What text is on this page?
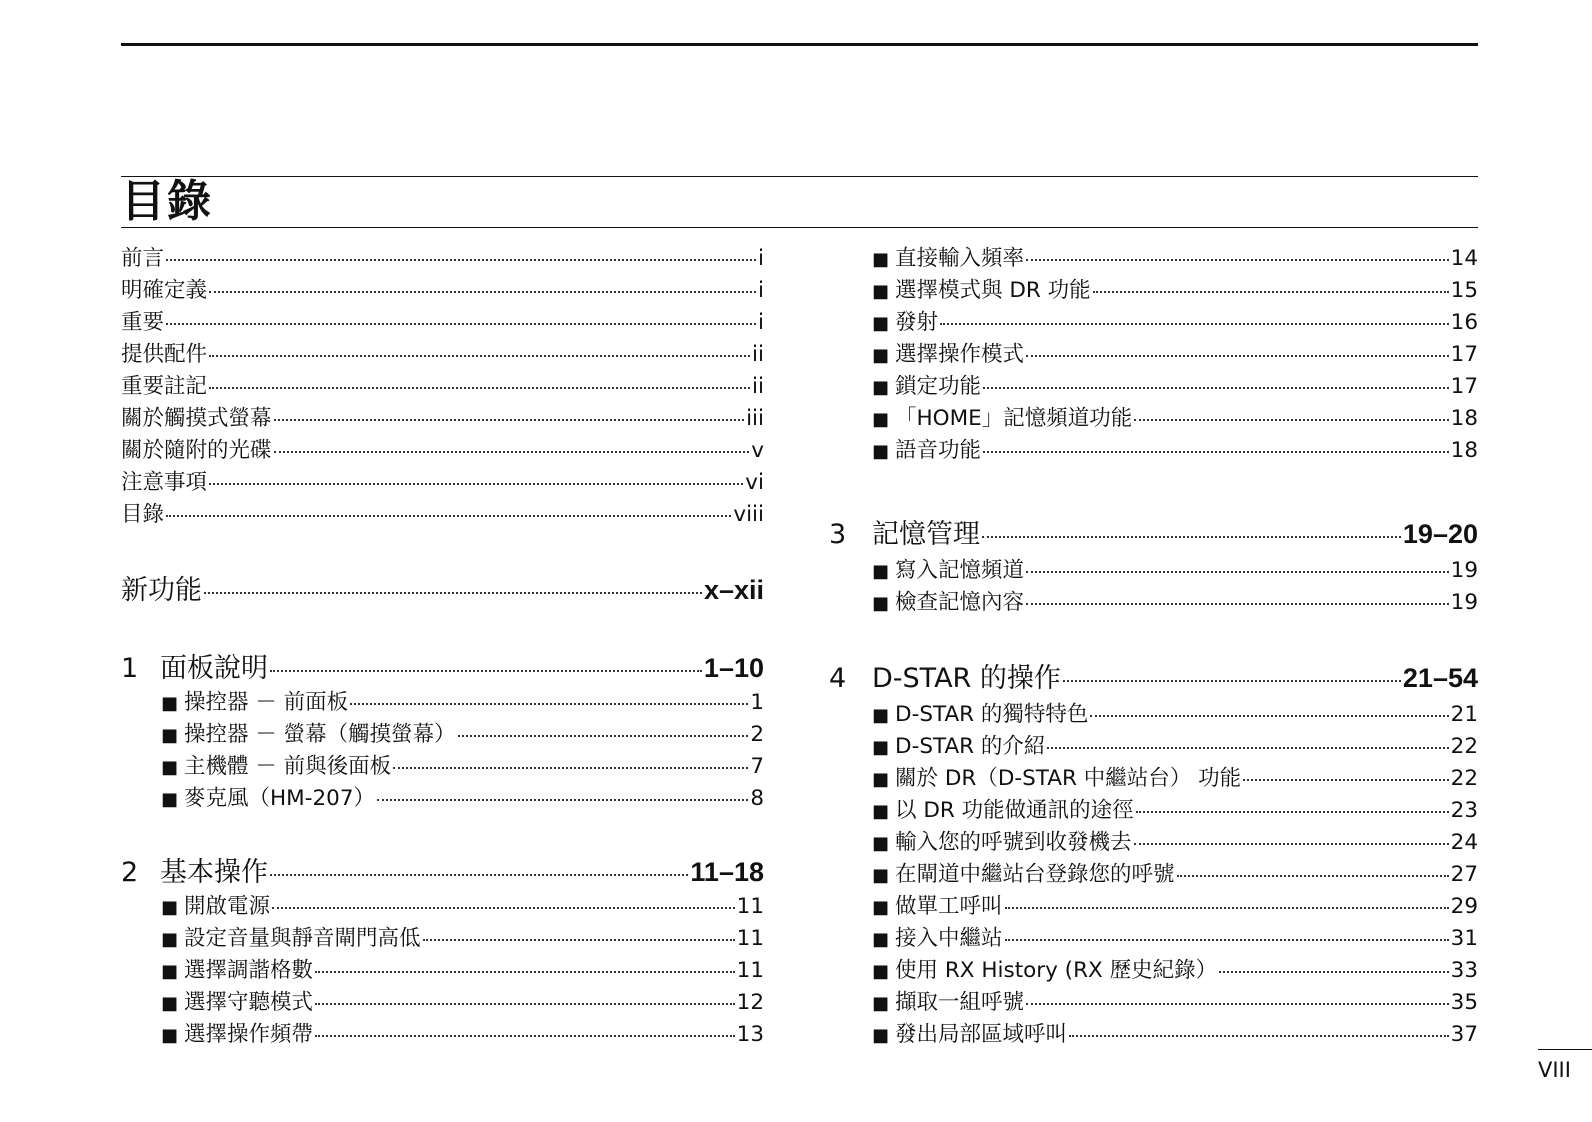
目錄
前言	i
明確定義	i
重要	i
提供配件	ii
重要註記	ii
關於觸摸式螢幕	iii
關於隨附的光碟	v
注意事項	vi
目錄	viii
新功能	x–xii
1 面板說明	1–10
■ 操控器 － 前面板	1
■ 操控器 － 螢幕（觸摸螢幕）	2
■ 主機體 － 前與後面板	7
■ 麥克風（HM-207）	8
2 基本操作	11–18
■ 開啟電源	11
■ 設定音量與靜音閘門高低	11
■ 選擇調諧格數	11
■ 選擇守聽模式	12
■ 選擇操作頻帶	13
■ 直接輸入頻率	14
■ 選擇模式與 DR 功能	15
■ 發射	16
■ 選擇操作模式	17
■ 鎖定功能	17
■ 「HOME」記憶頻道功能	18
■ 語音功能	18
3 記憶管理	19–20
■ 寫入記憶頻道	19
■ 檢查記憶內容	19
4 D-STAR 的操作	21–54
■ D-STAR 的獨特特色	21
■ D-STAR 的介紹	22
■ 關於 DR（D-STAR 中繼站台） 功能	22
■ 以 DR 功能做通訊的途徑	23
■ 輸入您的呼號到收發機去	24
■ 在閘道中繼站台登錄您的呼號	27
■ 做單工呼叫	29
■ 接入中繼站	31
■ 使用 RX History (RX 歷史紀錄）	33
■ 擷取一組呼號	35
■ 發出局部區域呼叫	37
VIII
